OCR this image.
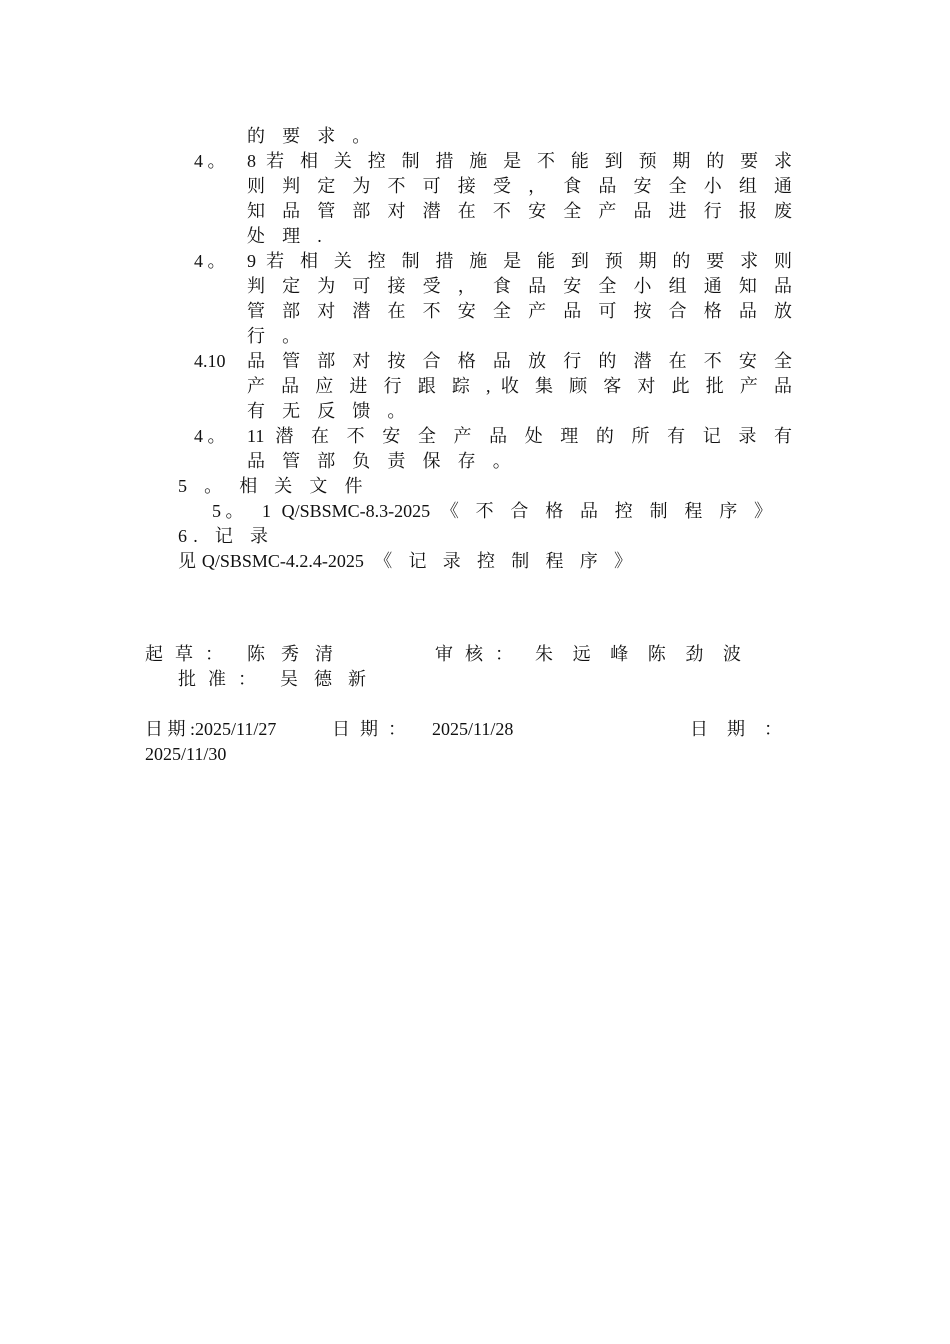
的 要 求 。
4 。 8 若 相 关 控 制 措 施 是 不 能 到 预 期 的 要 求
则 判 定 为 不 可 接 受 ， 食 品 安 全 小 组 通
知 品 管 部 对 潜 在 不 安 全 产 品 进 行 报 废
处 理 .
4 。 9 若 相 关 控 制 措 施 是 能 到 预 期 的 要 求 则
判 定 为 可 接 受 ， 食 品 安 全 小 组 通 知 品
管 部 对 潜 在 不 安 全 产 品 可 按 合 格 品 放
行 。
4.10 品 管 部 对 按 合 格 品 放 行 的 潜 在 不 安 全
产 品 应 进 行 跟 踪 , 收 集 顾 客 对 此 批 产 品
有 无 反 馈 。
4 。 11 潜 在 不 安 全 产 品 处 理 的 所 有 记 录 有
品 管 部 负 责 保 存 。
5 。 相 关 文 件
5 。 1 Q/SBSMC-8.3-2025 《 不 合 格 品 控 制 程 序 》
6. 记 录
见Q/SBSMC-4.2.4-2025 《 记 录 控 制 程 序 》
起 草 ： 陈 秀 清	审 核 ： 朱 远 峰 陈 劲 波
批 准 ： 吴 德 新
日 期 :2025/11/27	日 期 ： 2025/11/28	日 期 ：
2025/11/30
